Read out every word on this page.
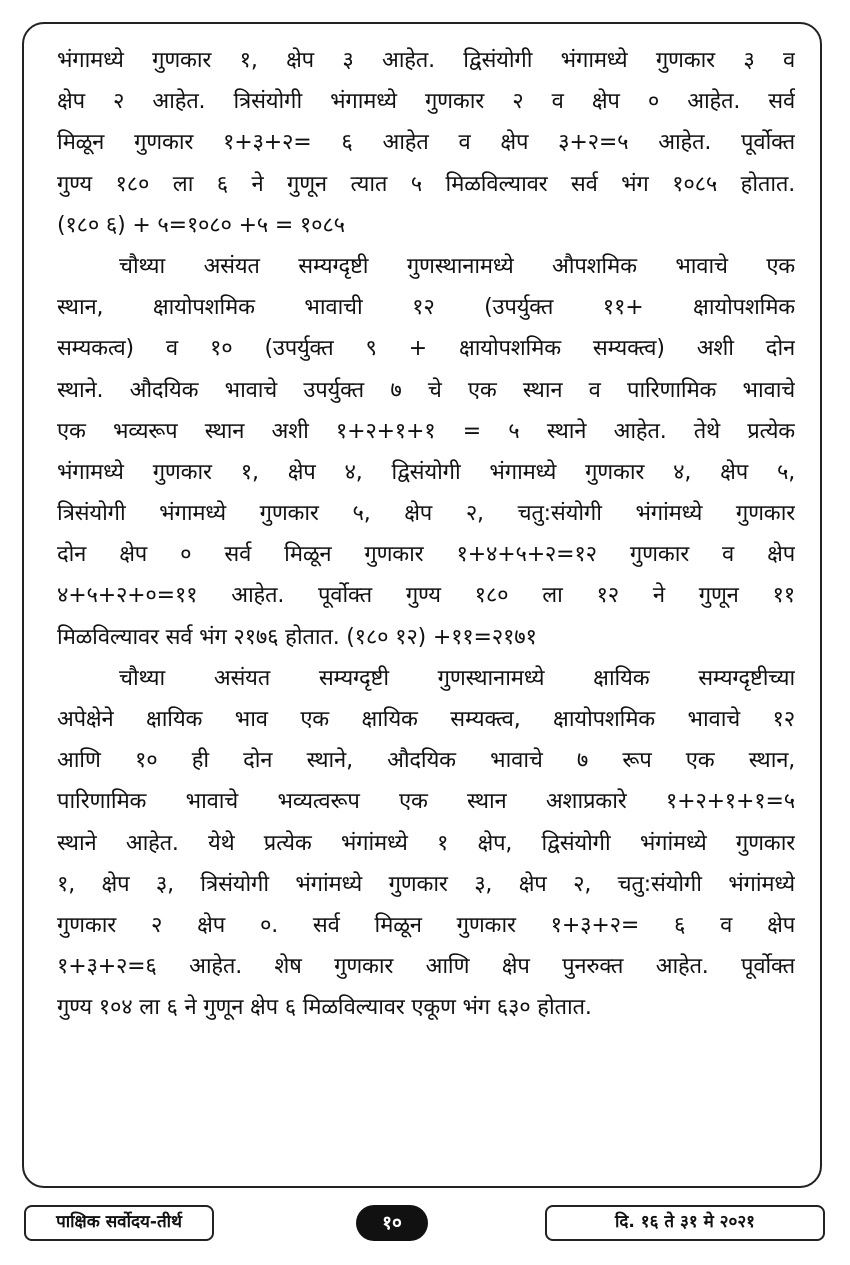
भंगामध्ये गुणकार १, क्षेप ३ आहेत. द्विसंयोगी भंगामध्ये गुणकार ३ व
क्षेप २ आहेत. त्रिसंयोगी भंगामध्ये गुणकार २ व क्षेप ० आहेत. सर्व
मिळून गुणकार १+३+२= ६ आहेत व क्षेप ३+२=५ आहेत. पूर्वोक्त
गुण्य १८० ला ६ ने गुणून त्यात ५ मिळविल्यावर सर्व भंग १०८५ होतात.
(१८० ६) + ५=१०८० +५ = १०८५
चौथ्या असंयत सम्यग्दृष्टी गुणस्थानामध्ये औपशमिक भावाचे एक
स्थान, क्षायोपशमिक भावाची १२ (उपर्युक्त ११+ क्षायोपशमिक
सम्यकत्व) व १० (उपर्युक्त ९ + क्षायोपशमिक सम्यक्त्व) अशी दोन
स्थाने. औदयिक भावाचे उपर्युक्त ७ चे एक स्थान व पारिणामिक भावाचे
एक भव्यरूप स्थान अशी १+२+१+१ = ५ स्थाने आहेत. तेथे प्रत्येक
भंगामध्ये गुणकार १, क्षेप ४, द्विसंयोगी भंगामध्ये गुणकार ४, क्षेप ५,
त्रिसंयोगी भंगामध्ये गुणकार ५, क्षेप २, चतु:संयोगी भंगांमध्ये गुणकार
दोन क्षेप ० सर्व मिळून गुणकार १+४+५+२=१२ गुणकार व क्षेप
४+५+२+०=११ आहेत. पूर्वोक्त गुण्य १८० ला १२ ने गुणून ११
मिळविल्यावर सर्व भंग २१७६ होतात. (१८० १२) +११=२१७१
चौथ्या असंयत सम्यग्दृष्टी गुणस्थानामध्ये क्षायिक सम्यग्दृष्टीच्या
अपेक्षेने क्षायिक भाव एक क्षायिक सम्यक्त्व, क्षायोपशमिक भावाचे १२
आणि १० ही दोन स्थाने, औदयिक भावाचे ७ रूप एक स्थान,
पारिणामिक भावाचे भव्यत्वरूप एक स्थान अशाप्रकारे १+२+१+१=५
स्थाने आहेत. येथे प्रत्येक भंगांमध्ये १ क्षेप, द्विसंयोगी भंगांमध्ये गुणकार
१, क्षेप ३, त्रिसंयोगी भंगांमध्ये गुणकार ३, क्षेप २, चतु:संयोगी भंगांमध्ये
गुणकार २ क्षेप ०. सर्व मिळून गुणकार १+३+२= ६ व क्षेप
१+३+२=६ आहेत. शेष गुणकार आणि क्षेप पुनरुक्त आहेत. पूर्वोक्त
गुण्य १०४ ला ६ ने गुणून क्षेप ६ मिळविल्यावर एकूण भंग ६३० होतात.
पाक्षिक सर्वोदय-तीर्थ	१०	दि. १६ ते ३१ मे २०२१
